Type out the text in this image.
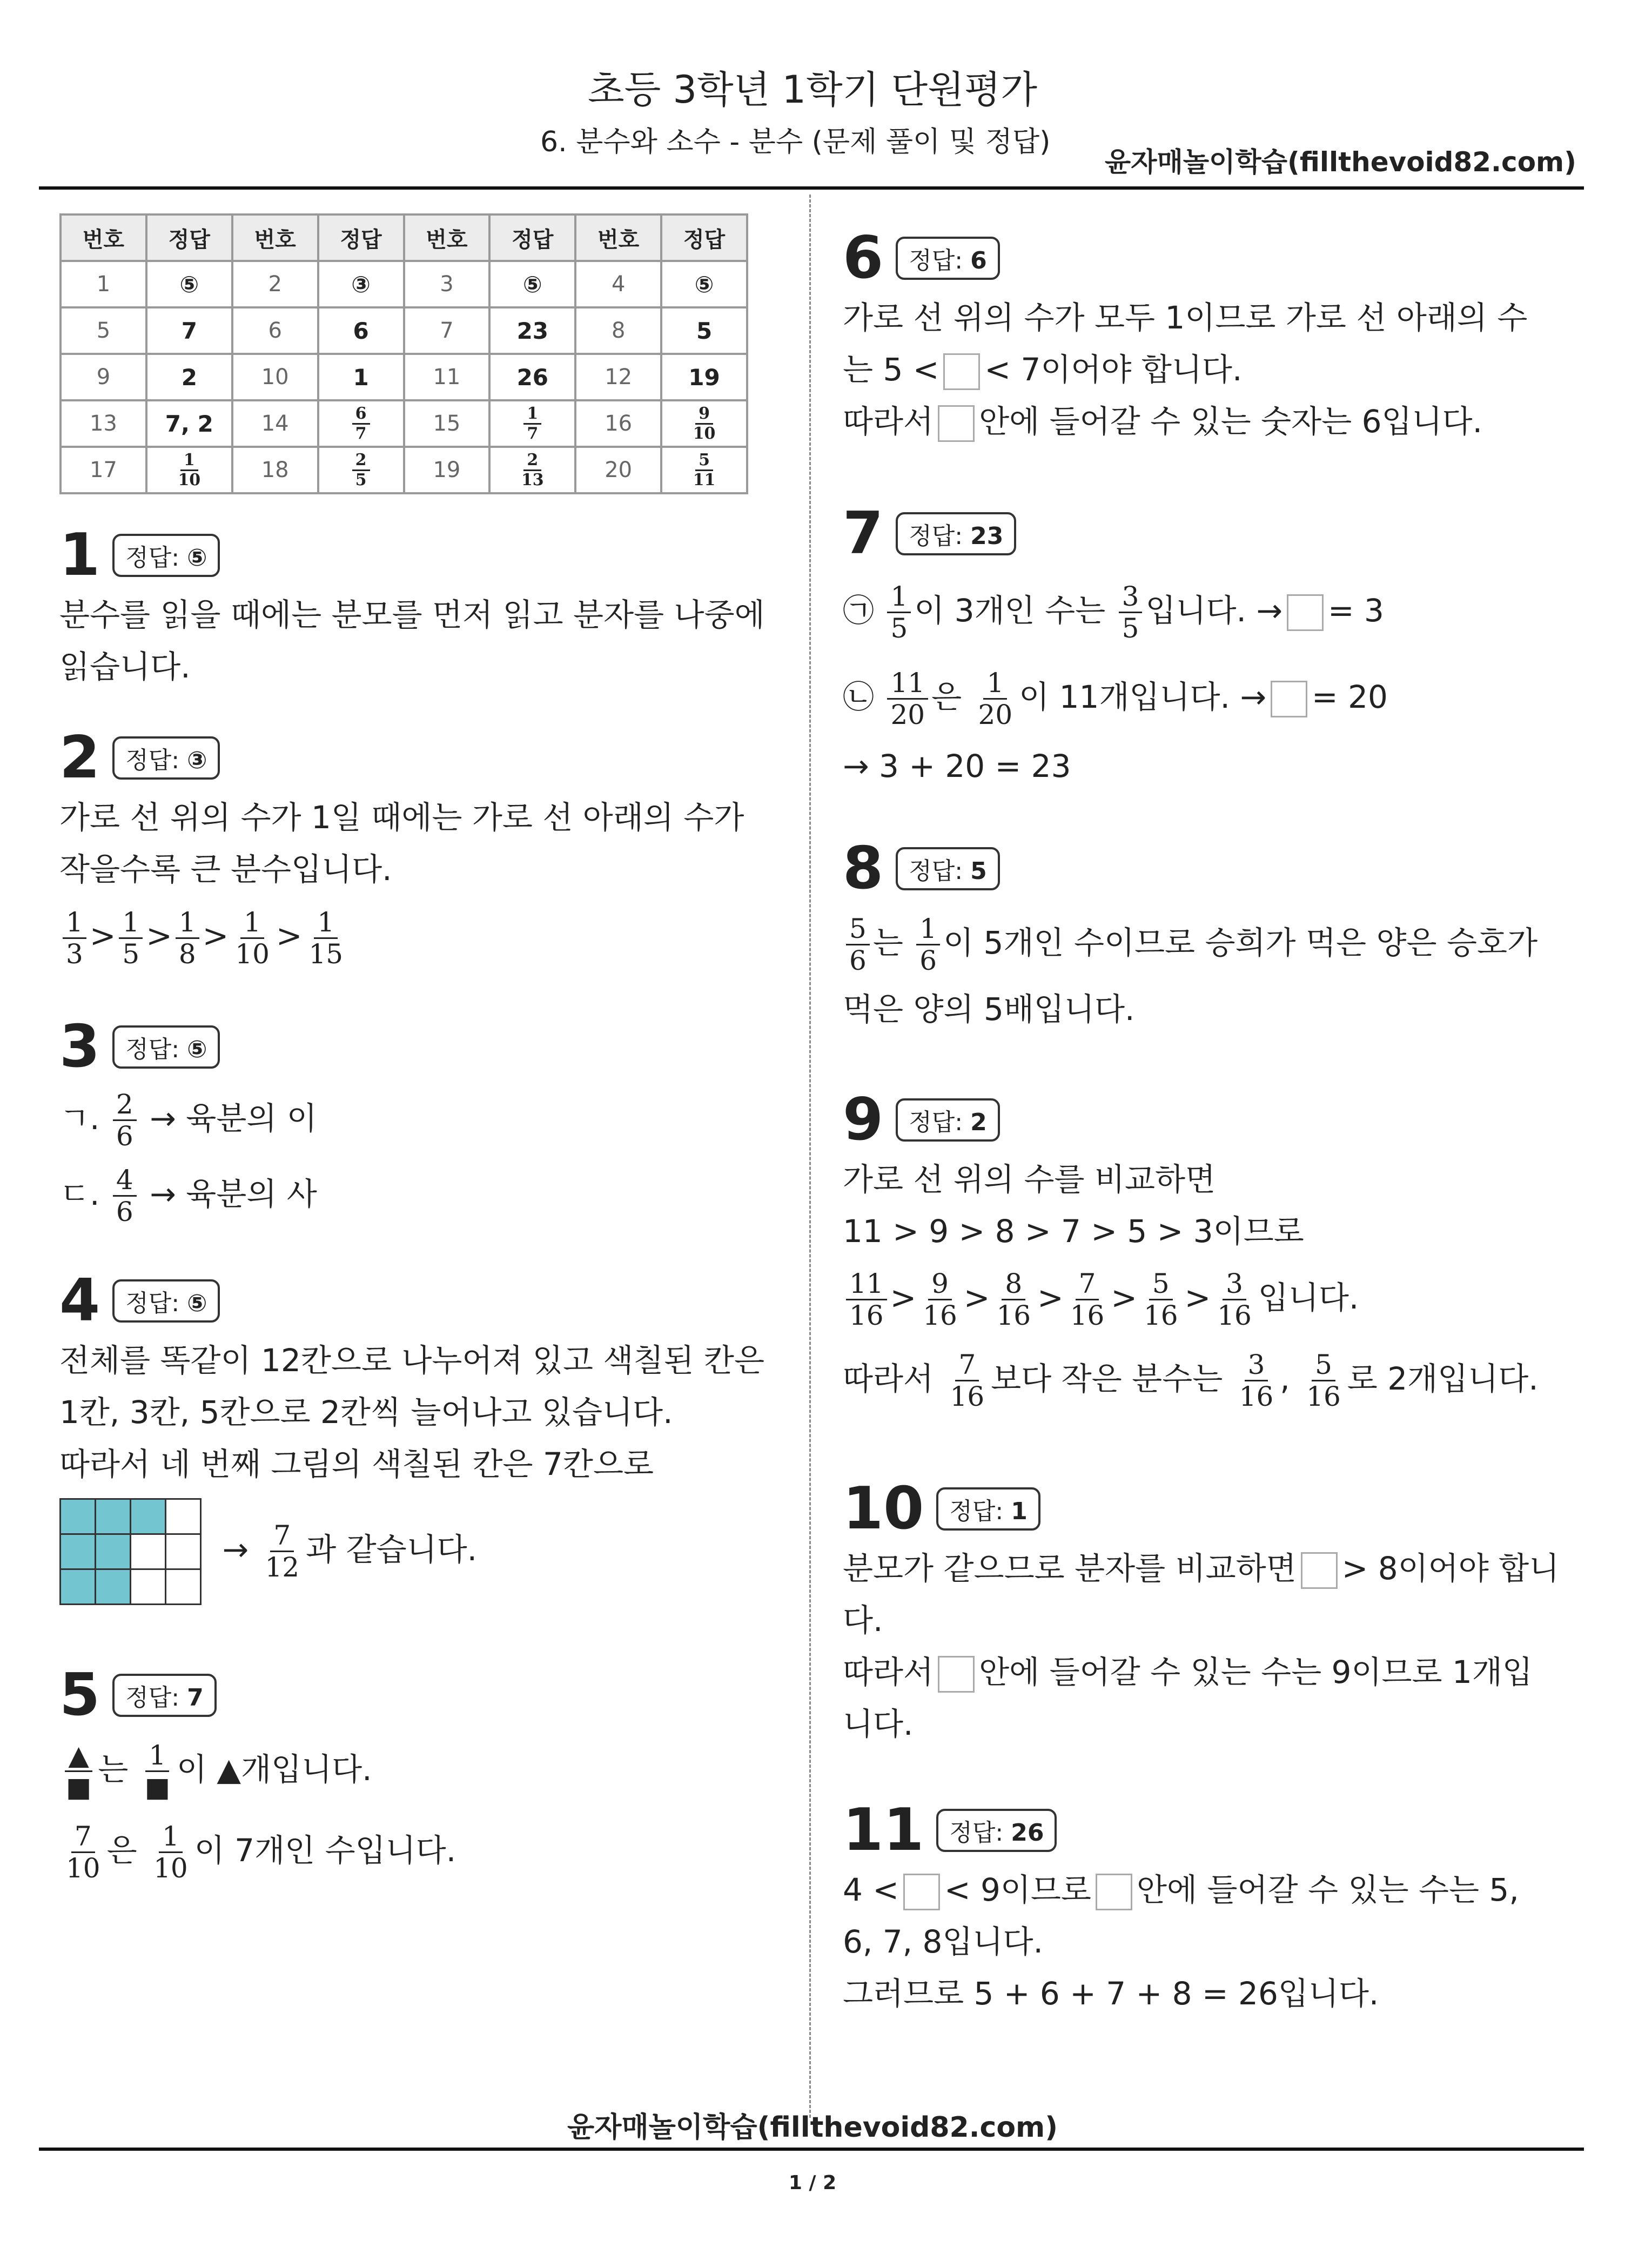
초등 3학년 1학기 단원평가
6. 분수와 소수 - 분수 (문제 풀이 및 정답)
윤자매놀이학습(fillthevoid82.com)
번호	정답	번호	정답	번호	정답	번호	정답
1	⑤	2	③	3	⑤	4	⑤
5	7	6	6	7	23	8	5
9	2	10	1	11	26	12	19
13	7, 2	14	$\frac{6}{7}$	15	$\frac{1}{7}$	16	$\frac{9}{10}$

17	$\frac{1}{10}$	18	$\frac{2}{5}$	19	$\frac{2}{13}$	20	$\frac{5}{11}$
1 정답: ⑤
분수를 읽을 때에는 분모를 먼저 읽고 분자를 나중에
읽습니다.
2 정답: ③
가로 선 위의 수가 1일 때에는 가로 선 아래의 수가
작을수록 큰 분수입니다.
$\frac{1}{3} > \frac{1}{5} > \frac{1}{8} > \frac{1}{10} > \frac{1}{15}$
3 정답: ⑤
ㄱ. $\frac{2}{6}$ → 육분의 이
ㄷ. $\frac{4}{6}$ → 육분의 사
4 정답: ⑤
전체를 똑같이 12칸으로 나누어져 있고 색칠된 칸은
1칸, 3칸, 5칸으로 2칸씩 늘어나고 있습니다.
따라서 네 번째 그림의 색칠된 칸은 7칸으로

→ $\frac{7}{12}$ 과 같습니다.
5 정답: 7
$\frac{▲}{■}$ 는 $\frac{1}{■}$ 이 ▲개입니다.
$\frac{7}{10}$ 은 $\frac{1}{10}$ 이 7개인 수입니다.
6 정답: 6
가로 선 위의 수가 모두 1이므로 가로 선 아래의 수
는 5 < < 7이어야 합니다.
따라서 안에 들어갈 수 있는 숫자는 6입니다.
7 정답: 23
㉠ $\frac{1}{5}$ 이 3개인 수는 $\frac{3}{5}$ 입니다. → = 3
㉡ $\frac{11}{20}$ 은 $\frac{1}{20}$ 이 11개입니다. → = 20
→ 3 + 20 = 23
8 정답: 5
$\frac{5}{6}$ 는 $\frac{1}{6}$ 이 5개인 수이므로 승희가 먹은 양은 승호가
먹은 양의 5배입니다.
9 정답: 2
가로 선 위의 수를 비교하면
11 > 9 > 8 > 7 > 5 > 3이므로
$\frac{11}{16} > \frac{9}{16} > \frac{8}{16} > \frac{7}{16} > \frac{5}{16} > \frac{3}{16}$ 입니다.
따라서 $\frac{7}{16}$ 보다 작은 분수는 $\frac{3}{16}$ , $\frac{5}{16}$ 로 2개입니다.
10 정답: 1
분모가 같으므로 분자를 비교하면 > 8이어야 합니
다.
따라서 안에 들어갈 수 있는 수는 9이므로 1개입
니다.
11 정답: 26
4 < < 9이므로 안에 들어갈 수 있는 수는 5,
6, 7, 8입니다.
그러므로 5 + 6 + 7 + 8 = 26입니다.
윤자매놀이학습(fillthevoid82.com)
1 / 2
